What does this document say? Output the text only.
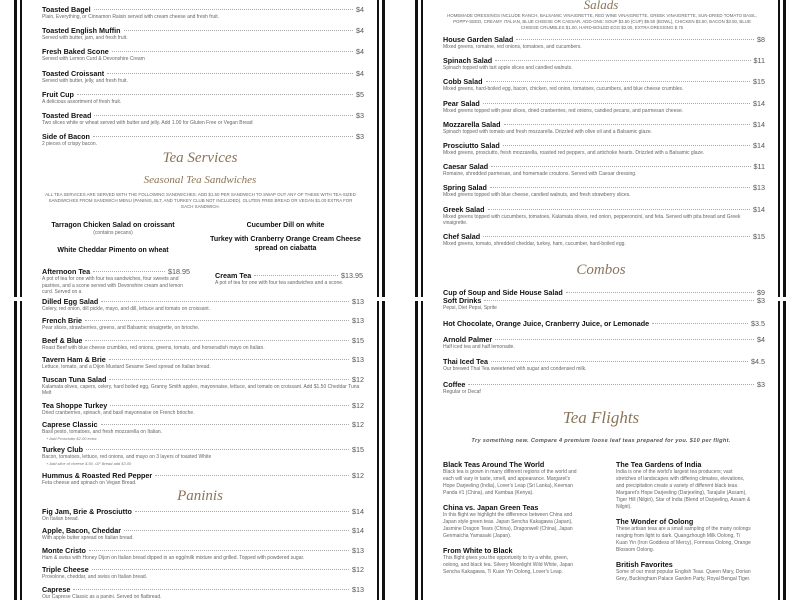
Toasted Bagel	$4
Plain, Everything, or Cinnamon Raisin served with cream cheese and fresh fruit.
Toasted English Muffin	$4
Served with butter, jam, and fresh fruit.
Fresh Baked Scone	$4
Served with Lemon Curd & Devonshire Cream
Toasted Croissant	$4
Served with butter, jelly, and fresh fruit.
Fruit Cup	$5
A delicious assortment of fresh fruit.
Toasted Bread	$3
Two slices white or wheat served with butter and jelly. Add 1.00 for Gluten Free or Vegan Bread
Side of Bacon	$3
2 pieces of crispy bacon.
Tea Services
Seasonal Tea Sandwiches
ALL TEA SERVICES ARE SERVED WITH THE FOLLOWING SANDWICHES. ADD $1.50 PER SANDWICH TO SWAP OUT ANY OF THESE WITH TEA-SIZED SANDWICHES FROM SANDWICH MENU (PANINIS, BLT, AND TURKEY CLUB NOT INCLUDED). GLUTEN FREE BREAD OR VEGAN $1.00 EXTRA FOR EACH SANDWICH.
Tarragon Chicken Salad on croissant
(contains pecans)
White Cheddar Pimento on wheat
Cucumber Dill on white
Turkey with Cranberry Orange Cream Cheese spread on ciabatta
Afternoon Tea	$18.95
A pot of tea for one with four tea sandwiches, four sweets and pastries, and a scone served with Devonshire cream and lemon curd. Served on a
Cream Tea	$13.95
A pot of tea for one with four tea sandwiches and a scone.
Dilled Egg Salad	$13
Celery, red onion, dill pickle, mayo, and dill, lettuce and tomato on croissant.
French Brie	$13
Pear slices, strawberries, greens, and Balsamic vinaigrette, on brioche.
Beef & Blue	$15
Roast Beef with blue cheese crumbles, red onions, greens, tomato, and horseradish mayo on Italian.
Tavern Ham & Brie	$13
Lettuce, tomato, and a Dijon Mustard Sesame Seed spread on Italian bread.
Tuscan Tuna Salad	$12
Kalamata olives, capers, celery, hard boiled egg, Granny Smith apples, mayonnaise, lettuce, and tomato on croissant. Add $1.50 Cheddar Tuna Melt
Tea Shoppe Turkey	$12
Dried cranberries, spinach, and basil mayonnaise on French brioche.
Caprese Classic	$12
Basil pesto, tomatoes, and fresh mozzarella on Italian.
+ Add Prosciutto $2.00 extra
Turkey Club	$15
Bacon, tomatoes, lettuce, red onions, and mayo on 3 layers of toasted White
+ Add slice of cheese $.50. GF Bread add $3.00
Hummus & Roasted Red Pepper	$12
Feta cheese and spinach on Vegan Bread.
Paninis
Fig Jam, Brie & Prosciutto	$14
On Italian bread.
Apple, Bacon, Cheddar	$14
With apple butter spread on Italian bread.
Monte Cristo	$13
Ham & swiss with Honey Dijon on Italian bread dipped in an egg/milk mixture and grilled. Topped with powdered sugar.
Triple Cheese	$12
Provolone, cheddar, and swiss on Italian bread.
Caprese	$13
Our Caprese Classic as a panini. Served on flatbread.
Salads
HOMEMADE DRESSINGS INCLUDE RANCH, BALSAMIC VINAIGRETTE, RED WINE VINAIGRETTE, GREEK VINAIGRETTE, SUN-DRIED TOMATO BASIL, POPPY-SEED, CREAMY ITALIAN, BLUE CHEESE OR CAESAR. ADD-ONS: SOUP $3.50 (CUP) $5.50 (BOWL), CHICKEN $3.50, BACON $3.50, BLUE CHEESE CRUMBLES $1.00, HARD-BOILED EGG $2.00, EXTRA DRESSING $.75
House Garden Salad	$8
Mixed greens, romaine, red onions, tomatoes, and cucumbers.
Spinach Salad	$11
Spinach topped with tart apple slices and candied walnuts.
Cobb Salad	$15
Mixed greens, hard-boiled egg, bacon, chicken, red onion, tomatoes, cucumbers, and blue cheese crumbles.
Pear Salad	$14
Mixed greens topped with pear slices, dried cranberries, red onions, candied pecans, and parmesan cheese.
Mozzarella Salad	$14
Spinach topped with tomato and fresh mozzarella. Drizzled with olive oil and a Balsamic glaze.
Prosciutto Salad	$14
Mixed greens, prosciutto, fresh mozzarella, roasted red peppers, and artichoke hearts. Drizzled with a Balsamic glaze.
Caesar Salad	$11
Romaine, shredded parmesan, and homemade croutons. Served with Caesar dressing.
Spring Salad	$13
Mixed greens topped with blue cheese, candied walnuts, and fresh strawberry slices.
Greek Salad	$14
Mixed greens topped with cucumbers, tomatoes, Kalamata olives, red onion, pepperoncini, and feta. Served with pita bread and Greek vinaigrette.
Chef Salad	$15
Mixed greens, tomato, shredded cheddar, turkey, ham, cucumber, hard-boiled egg.
Combos
Cup of Soup and Side House Salad	$9
Soft Drinks	$3
Pepsi, Diet Pepsi, Sprite
Hot Chocolate, Orange Juice, Cranberry Juice, or Lemonade	$3.5
Arnold Palmer	$4
Half iced tea and half lemonade.
Thai Iced Tea	$4.5
Our brewed Thai Tea sweetened with sugar and condensed milk.
Coffee	$3
Regular or Decaf
Tea Flights
Try something new. Compare 4 premium loose leaf teas prepared for you. $10 per flight.
Black Teas Around The World
Black tea is grown in many different regions of the world and each will vary in taste, smell, and appearance. Margaret's Hope Darjeeling (India), Lover's Leap (Sri Lanka), Keeman Panda #1 (China), and Kambaa (Kenya).
China vs. Japan Green Teas
In this flight we highlight the difference between China and Japan style green teas. Japan Sencha Kakagawa (Japan), Jasmine Dragon Tears (China), Dragonwell (China), Japan Genmaicha Yamasaki (Japan).
From White to Black
This flight gives you the opportunity to try a white, green, oolong, and black tea. Silvery Moonlight Wild White, Japan Sencha Kakagawa, Ti Kuan Yin Oolong, Lover's Leap.
The Tea Gardens of India
India is one of the world's largest tea producers; vast stretches of landscapes with differing climates, elevations, and precipitation create a variety of different black teas. Margaret's Hope Darjeeling (Darjeeling), Tarajulie (Assam), Tiger Hill (Nilgiri), Star of India (Blend of Darjeeling, Assam & Nilgiri).
The Wonder of Oolong
These artisan teas are a small sampling of the many oolongs ranging from light to dark. Quangzhough Milk Oolong, Ti Kuan Yin (Iron Goddess of Mercy), Formosa Oolong, Orange Blossom Oolong.
British Favorites
Some of our most popular English Teas. Queen Mary, Dorian Grey, Buckingham Palace Garden Party, Royal Bengal Tiger.
